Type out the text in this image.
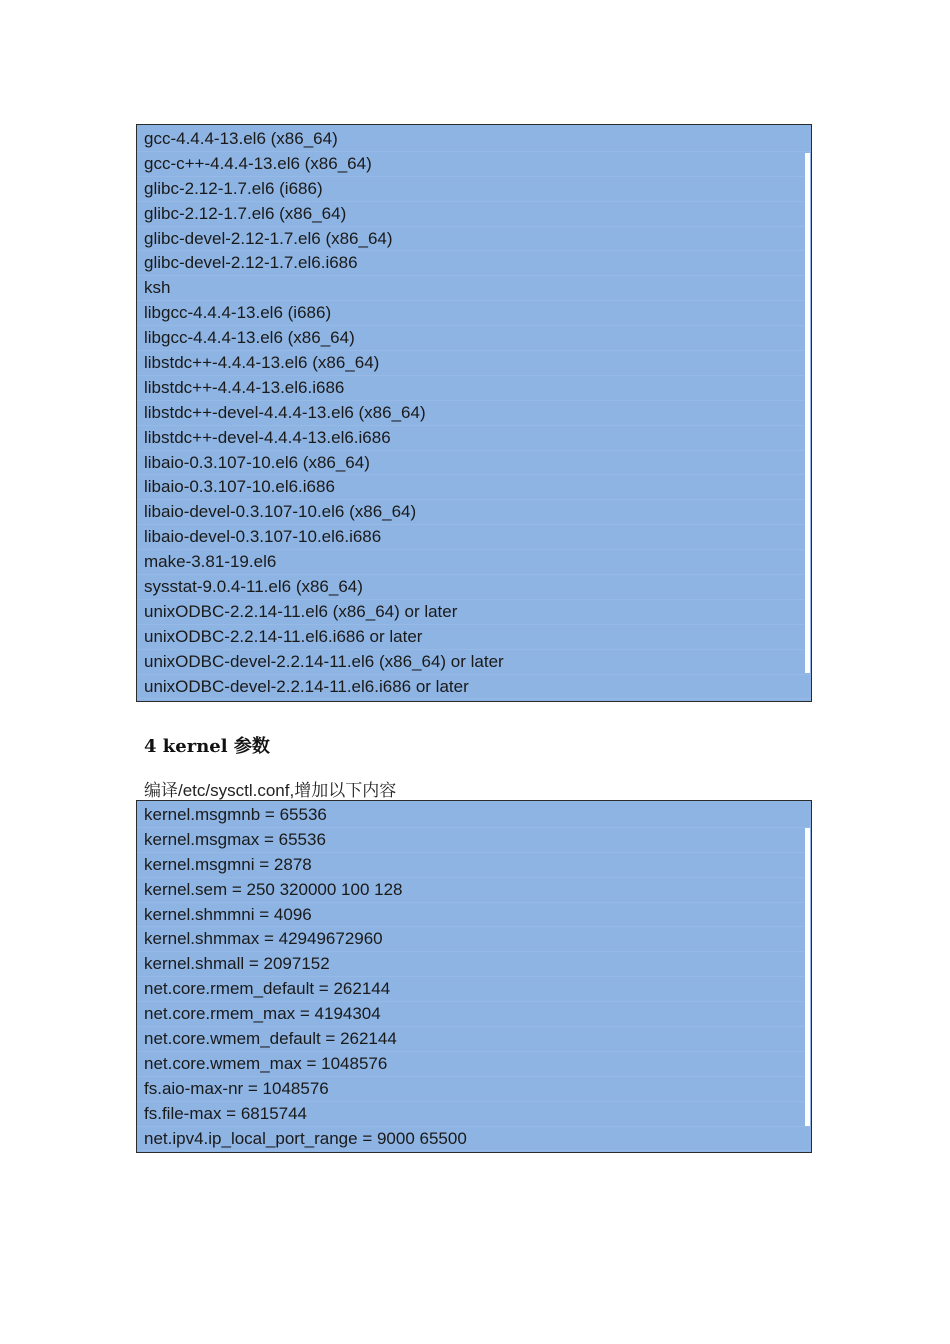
gcc-4.4.4-13.el6 (x86_64)
gcc-c++-4.4.4-13.el6 (x86_64)
glibc-2.12-1.7.el6 (i686)
glibc-2.12-1.7.el6 (x86_64)
glibc-devel-2.12-1.7.el6 (x86_64)
glibc-devel-2.12-1.7.el6.i686
ksh
libgcc-4.4.4-13.el6 (i686)
libgcc-4.4.4-13.el6 (x86_64)
libstdc++-4.4.4-13.el6 (x86_64)
libstdc++-4.4.4-13.el6.i686
libstdc++-devel-4.4.4-13.el6 (x86_64)
libstdc++-devel-4.4.4-13.el6.i686
libaio-0.3.107-10.el6 (x86_64)
libaio-0.3.107-10.el6.i686
libaio-devel-0.3.107-10.el6 (x86_64)
libaio-devel-0.3.107-10.el6.i686
make-3.81-19.el6
sysstat-9.0.4-11.el6 (x86_64)
unixODBC-2.2.14-11.el6 (x86_64) or later
unixODBC-2.2.14-11.el6.i686 or later
unixODBC-devel-2.2.14-11.el6 (x86_64) or later
unixODBC-devel-2.2.14-11.el6.i686 or later
4 kernel 参数
编译/etc/sysctl.conf,增加以下内容
kernel.msgmnb = 65536
kernel.msgmax = 65536
kernel.msgmni = 2878
kernel.sem = 250 320000 100 128
kernel.shmmni = 4096
kernel.shmmax = 42949672960
kernel.shmall = 2097152
net.core.rmem_default = 262144
net.core.rmem_max = 4194304
net.core.wmem_default = 262144
net.core.wmem_max = 1048576
fs.aio-max-nr = 1048576
fs.file-max = 6815744
net.ipv4.ip_local_port_range = 9000 65500
